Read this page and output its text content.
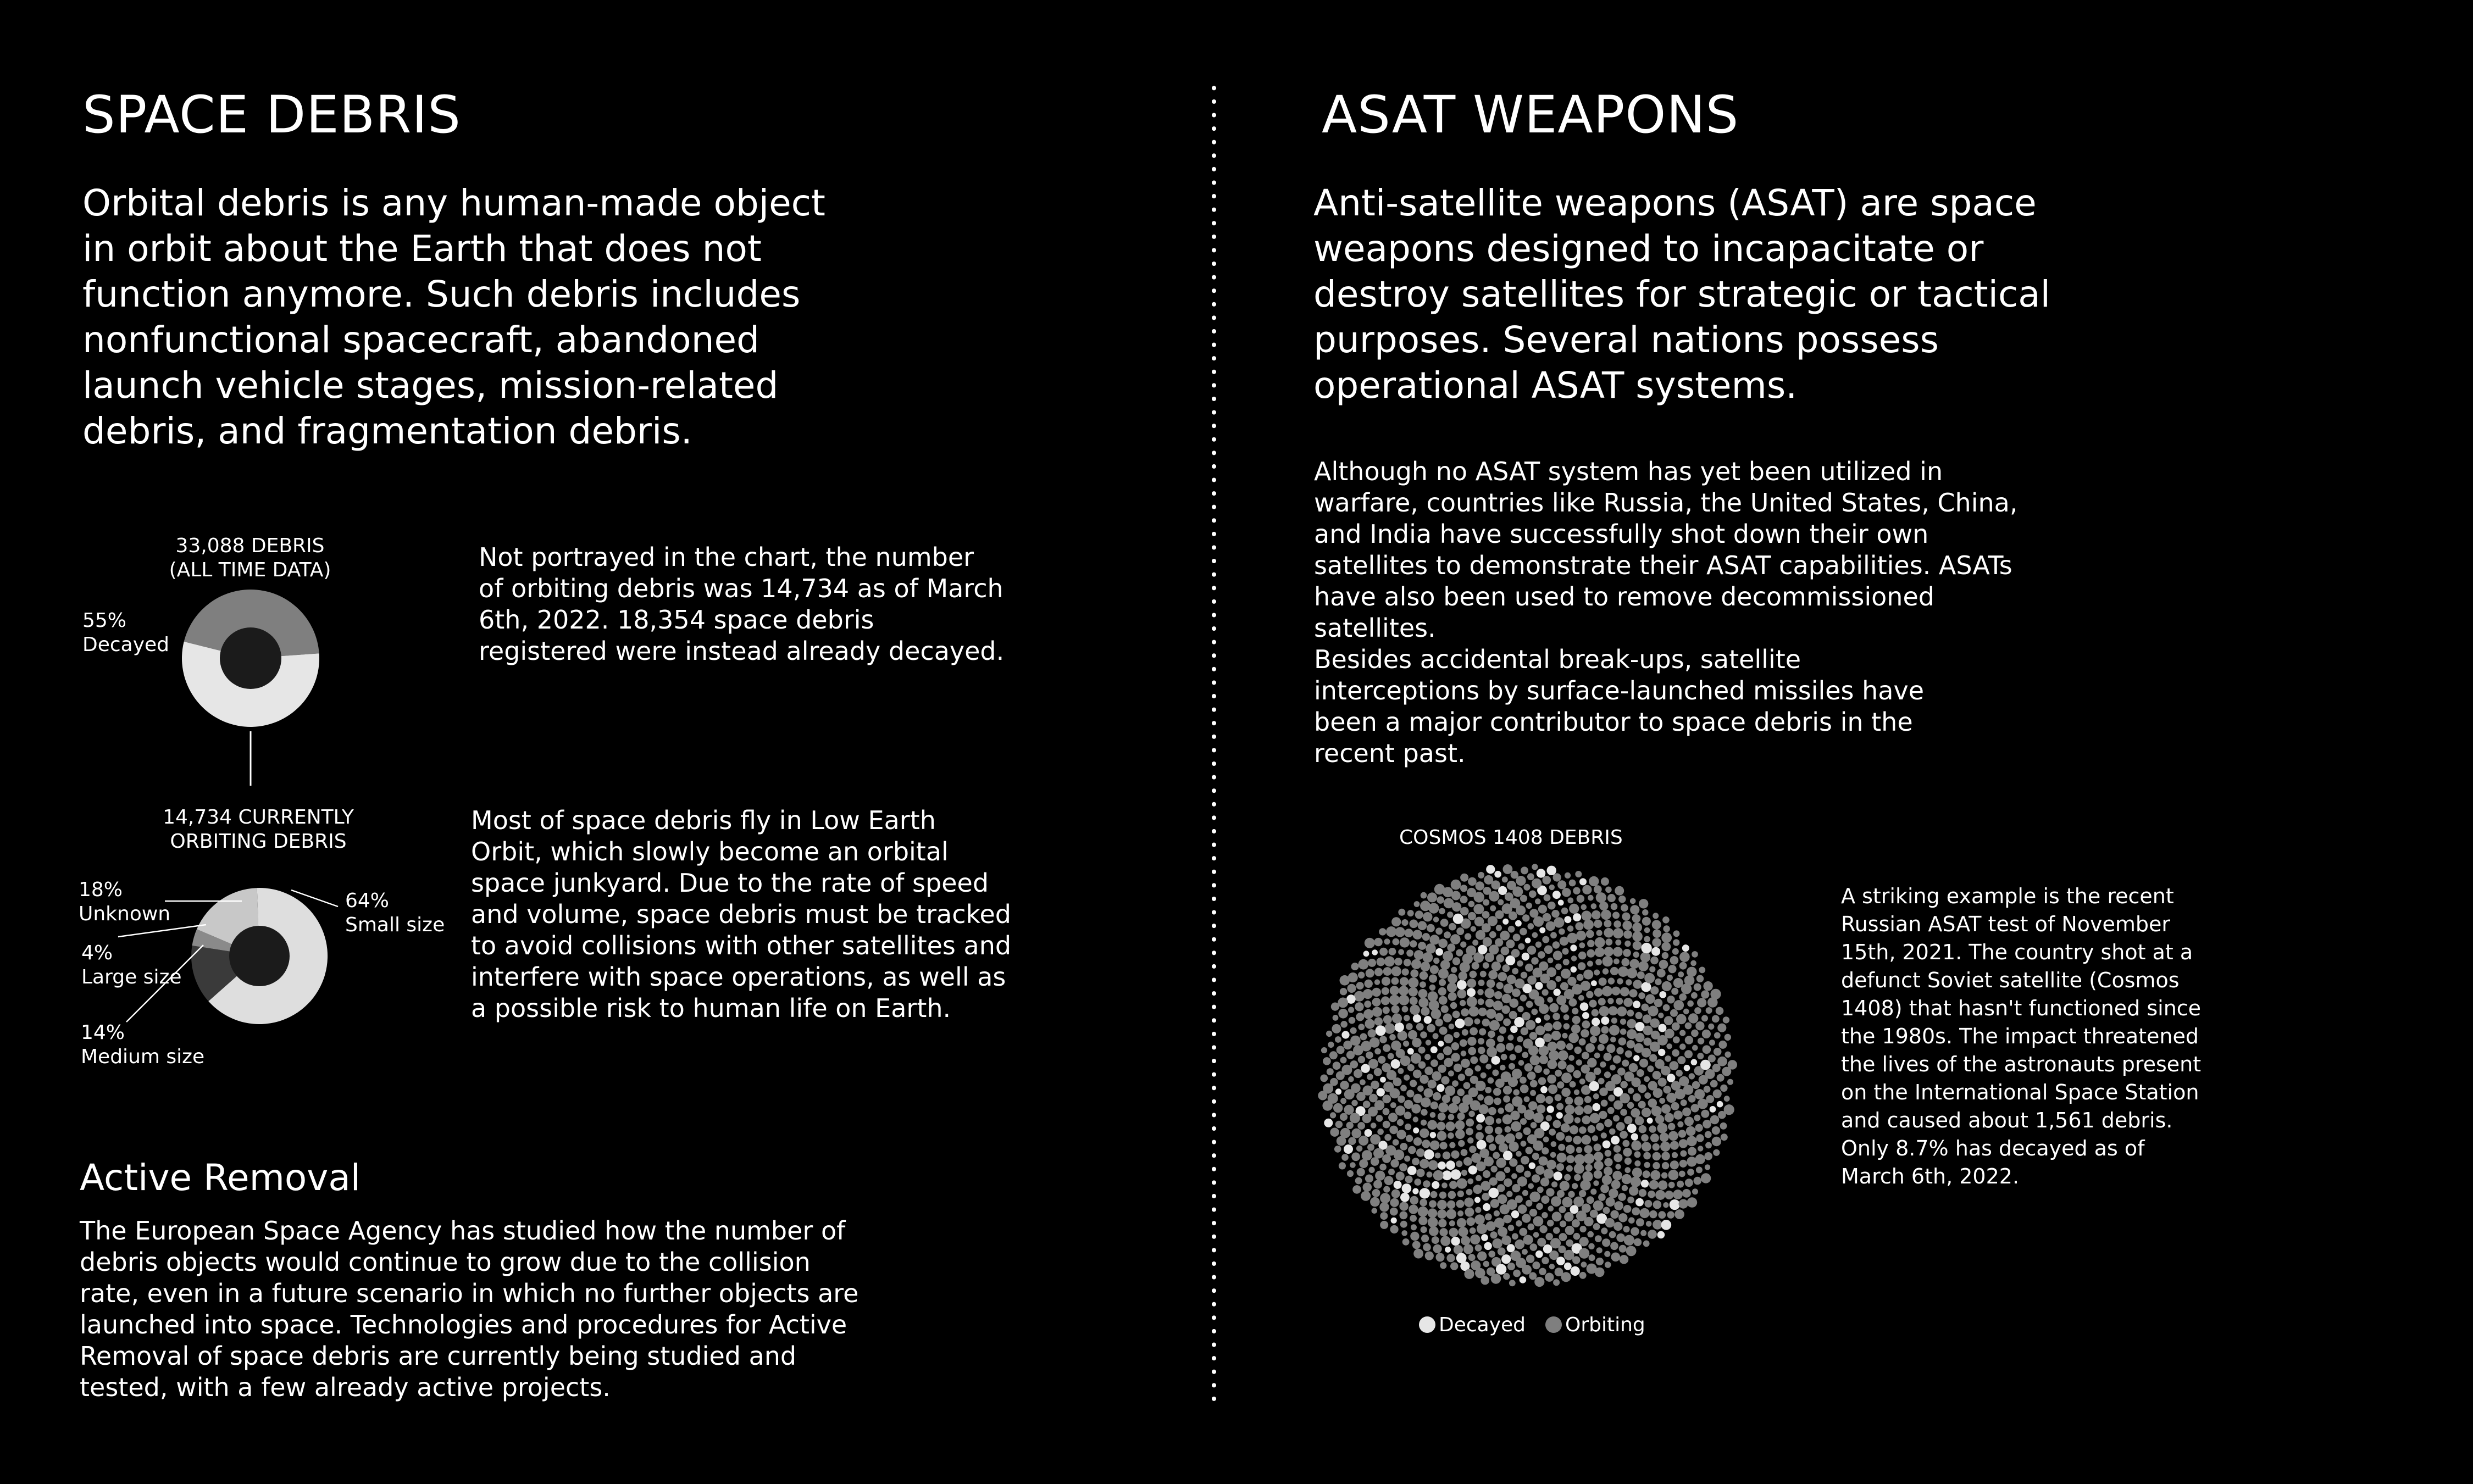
SPACE DEBRIS
Orbital debris is any human-made object in orbit about the Earth that does not function anymore. Such debris includes nonfunctional spacecraft, abandoned launch vehicle stages, mission-related debris, and fragmentation debris.
33,088 DEBRIS
(ALL TIME DATA)
55%
Decayed
Not portrayed in the chart, the number of orbiting debris was 14,734 as of March 6th, 2022. 18,354 space debris registered were instead already decayed.
14,734 CURRENTLY
ORBITING DEBRIS
18%
Unknown
4%
Large size
14%
Medium size
64%
Small size
Most of space debris fly in Low Earth Orbit, which slowly become an orbital space junkyard. Due to the rate of speed and volume, space debris must be tracked to avoid collisions with other satellites and interfere with space operations, as well as a possible risk to human life on Earth.
Active Removal
The European Space Agency has studied how the number of debris objects would continue to grow due to the collision rate, even in a future scenario in which no further objects are launched into space. Technologies and procedures for Active Removal of space debris are currently being studied and tested, with a few already active projects.
ASAT WEAPONS
Anti-satellite weapons (ASAT) are space weapons designed to incapacitate or destroy satellites for strategic or tactical purposes. Several nations possess operational ASAT systems.
Although no ASAT system has yet been utilized in warfare, countries like Russia, the United States, China, and India have successfully shot down their own satellites to demonstrate their ASAT capabilities. ASATs have also been used to remove decommissioned satellites.
Besides accidental break-ups, satellite interceptions by surface-launched missiles have been a major contributor to space debris in the recent past.
COSMOS 1408 DEBRIS
A striking example is the recent Russian ASAT test of November 15th, 2021. The country shot at a defunct Soviet satellite (Cosmos 1408) that hasn't functioned since the 1980s. The impact threatened the lives of the astronauts present on the International Space Station and caused about 1,561 debris. Only 8.7% has decayed as of March 6th, 2022.
Decayed Orbiting
